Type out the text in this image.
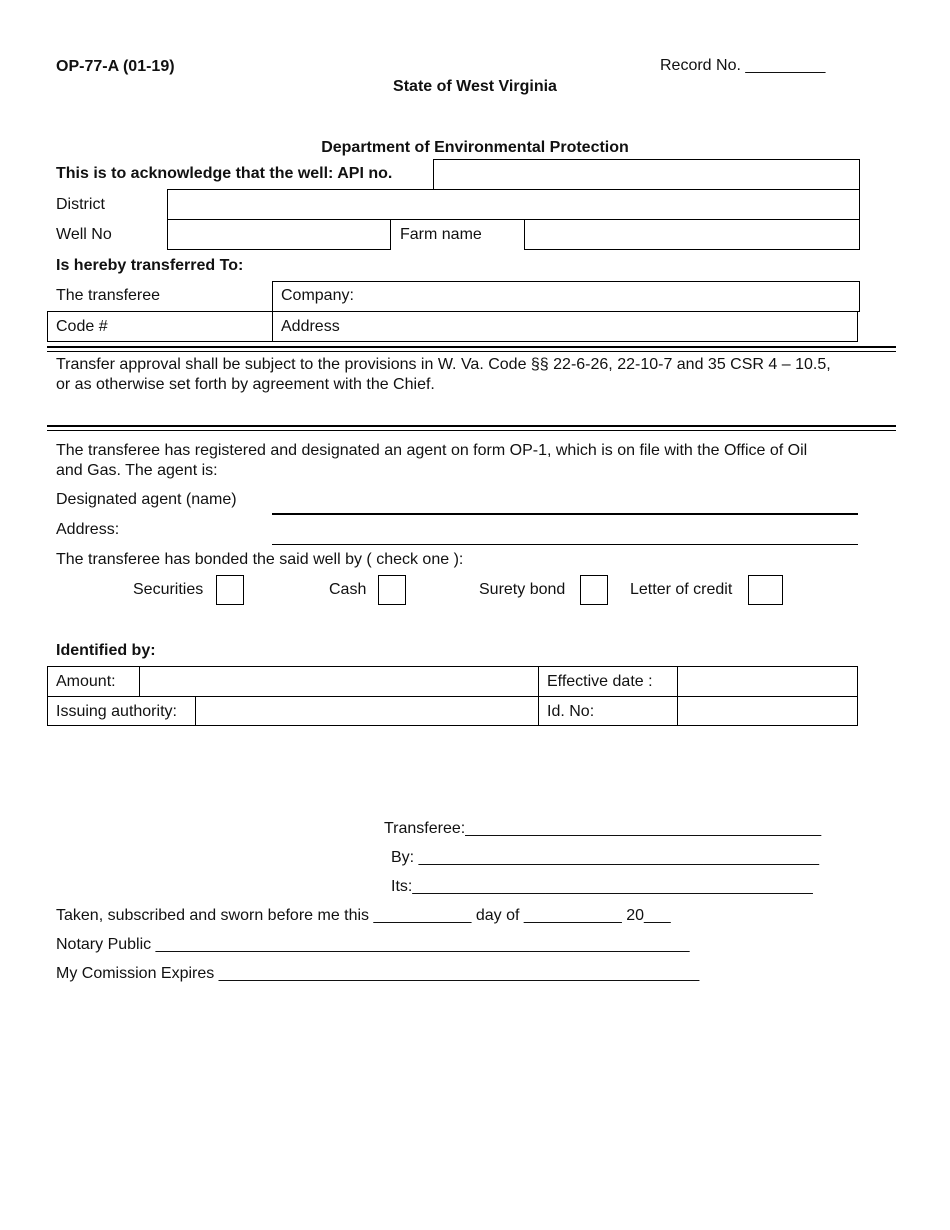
OP-77-A (01-19)	Record No. _________
State of West Virginia
Department of Environmental Protection
This is to acknowledge that the well: API no.
District
Well No	Farm name
Is hereby transferred To:
The transferee	Company:
Code #	Address
Transfer approval shall be subject to the provisions in W. Va. Code §§ 22-6-26, 22-10-7 and 35 CSR 4 – 10.5,
or as otherwise set forth by agreement with the Chief.
The transferee has registered and designated an agent on form OP-1, which is on file with the Office of Oil
and Gas. The agent is:
Designated agent (name)
Address:
The transferee has bonded the said well by ( check one ):
Securities	Cash	Surety bond	Letter of credit
Identified by:
Amount:	Effective date :
Issuing authority:	Id. No:
Transferee:________________________________________
By: _____________________________________________
Its:_____________________________________________
Taken, subscribed and sworn before me this ___________ day of ___________ 20___
Notary Public ____________________________________________________________
My Comission Expires ______________________________________________________
